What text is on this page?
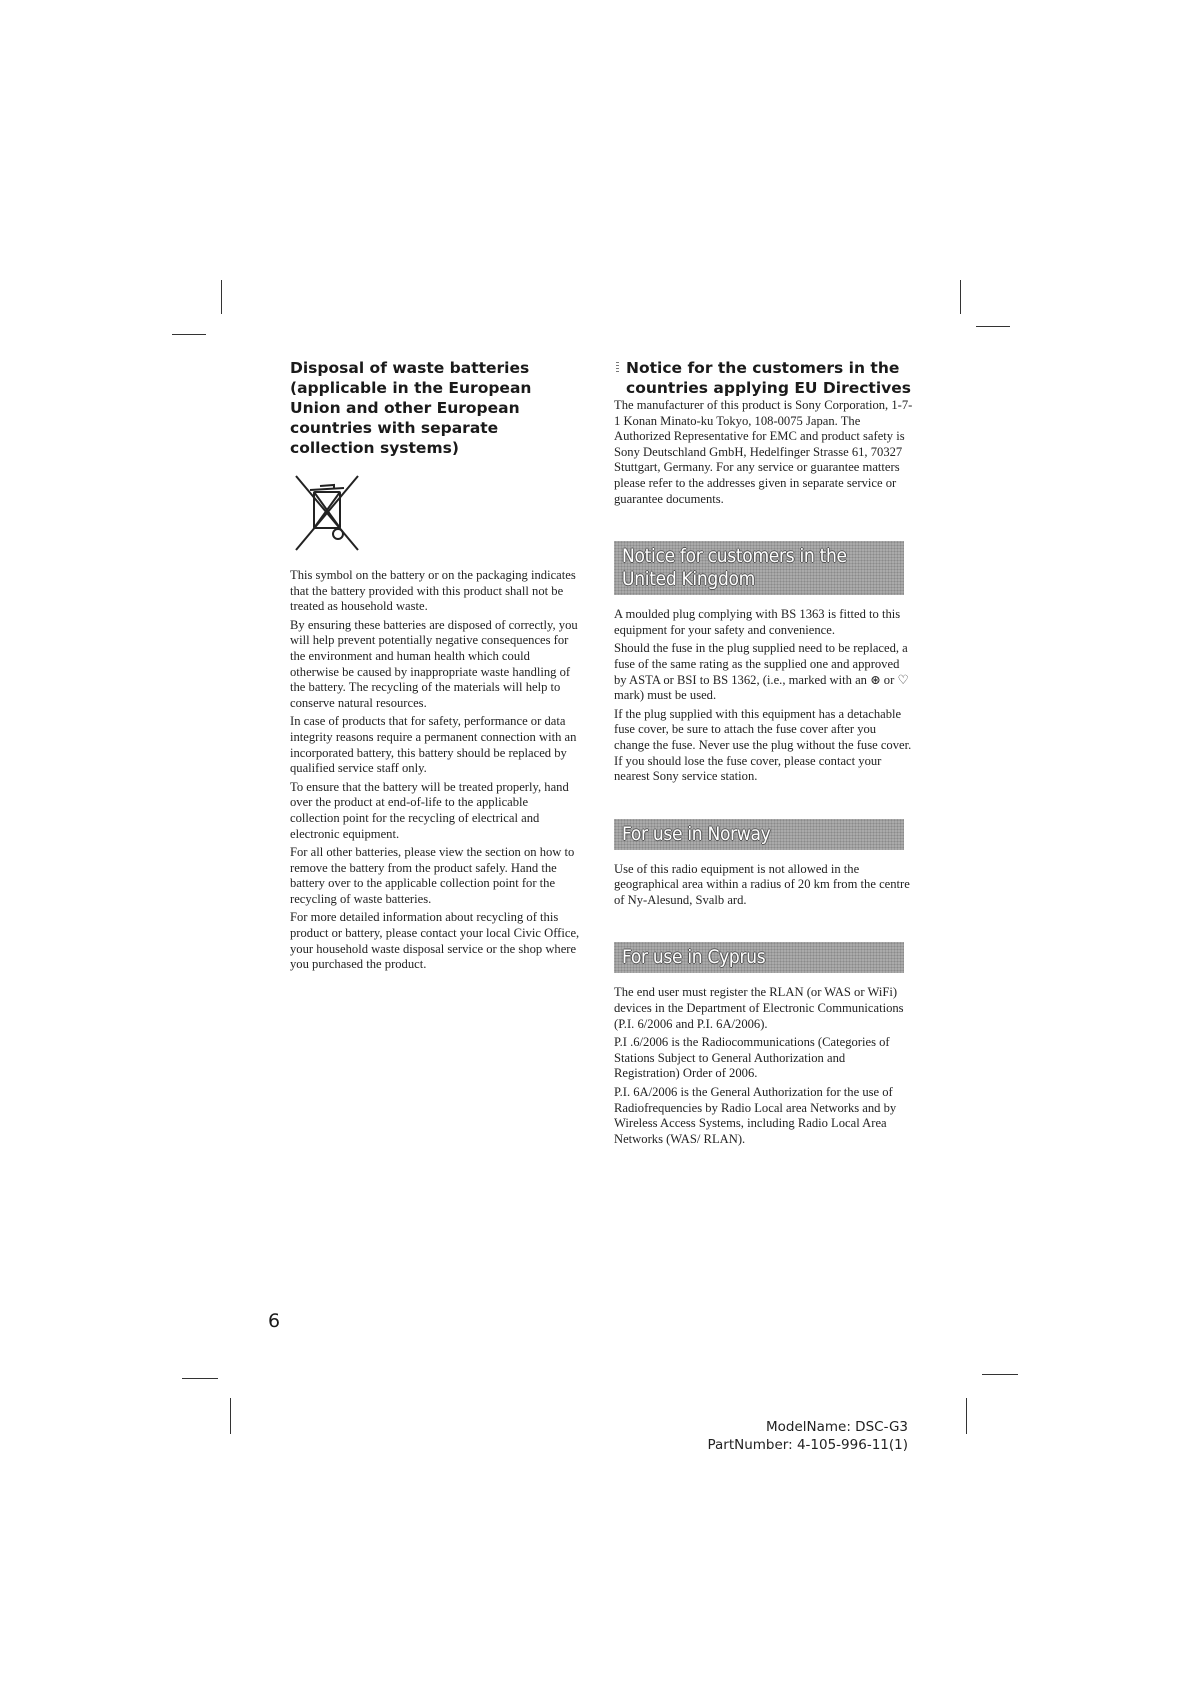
Disposal of waste batteries (applicable in the European Union and other European countries with separate collection systems)

This symbol on the battery or on the packaging indicates that the battery provided with this product shall not be treated as household waste.

By ensuring these batteries are disposed of correctly, you will help prevent potentially negative consequences for the environment and human health which could otherwise be caused by inappropriate waste handling of the battery. The recycling of the materials will help to conserve natural resources.

In case of products that for safety, performance or data integrity reasons require a permanent connection with an incorporated battery, this battery should be replaced by qualified service staff only.

To ensure that the battery will be treated properly, hand over the product at end-of-life to the applicable collection point for the recycling of electrical and electronic equipment.

For all other batteries, please view the section on how to remove the battery from the product safely. Hand the battery over to the applicable collection point for the recycling of waste batteries.

For more detailed information about recycling of this product or battery, please contact your local Civic Office, your household waste disposal service or the shop where you purchased the product.

Notice for the customers in the countries applying EU Directives

The manufacturer of this product is Sony Corporation, 1-7-1 Konan Minato-ku Tokyo, 108-0075 Japan. The Authorized Representative for EMC and product safety is Sony Deutschland GmbH, Hedelfinger Strasse 61, 70327 Stuttgart, Germany. For any service or guarantee matters please refer to the addresses given in separate service or guarantee documents.

Notice for customers in the United Kingdom

A moulded plug complying with BS 1363 is fitted to this equipment for your safety and convenience.

Should the fuse in the plug supplied need to be replaced, a fuse of the same rating as the supplied one and approved by ASTA or BSI to BS 1362, (i.e., marked with an ⊛ or ♡ mark) must be used.

If the plug supplied with this equipment has a detachable fuse cover, be sure to attach the fuse cover after you change the fuse. Never use the plug without the fuse cover. If you should lose the fuse cover, please contact your nearest Sony service station.

For use in Norway

Use of this radio equipment is not allowed in the geographical area within a radius of 20 km from the centre of Ny-Alesund, Svalb ard.

For use in Cyprus

The end user must register the RLAN (or WAS or WiFi) devices in the Department of Electronic Communications (P.I. 6/2006 and P.I. 6A/2006).

P.I .6/2006 is the Radiocommunications (Categories of Stations Subject to General Authorization and Registration) Order of 2006.

P.I. 6A/2006 is the General Authorization for the use of Radiofrequencies by Radio Local area Networks and by Wireless Access Systems, including Radio Local Area Networks (WAS/ RLAN).

6
ModelName: DSC-G3
PartNumber: 4-105-996-11(1)
